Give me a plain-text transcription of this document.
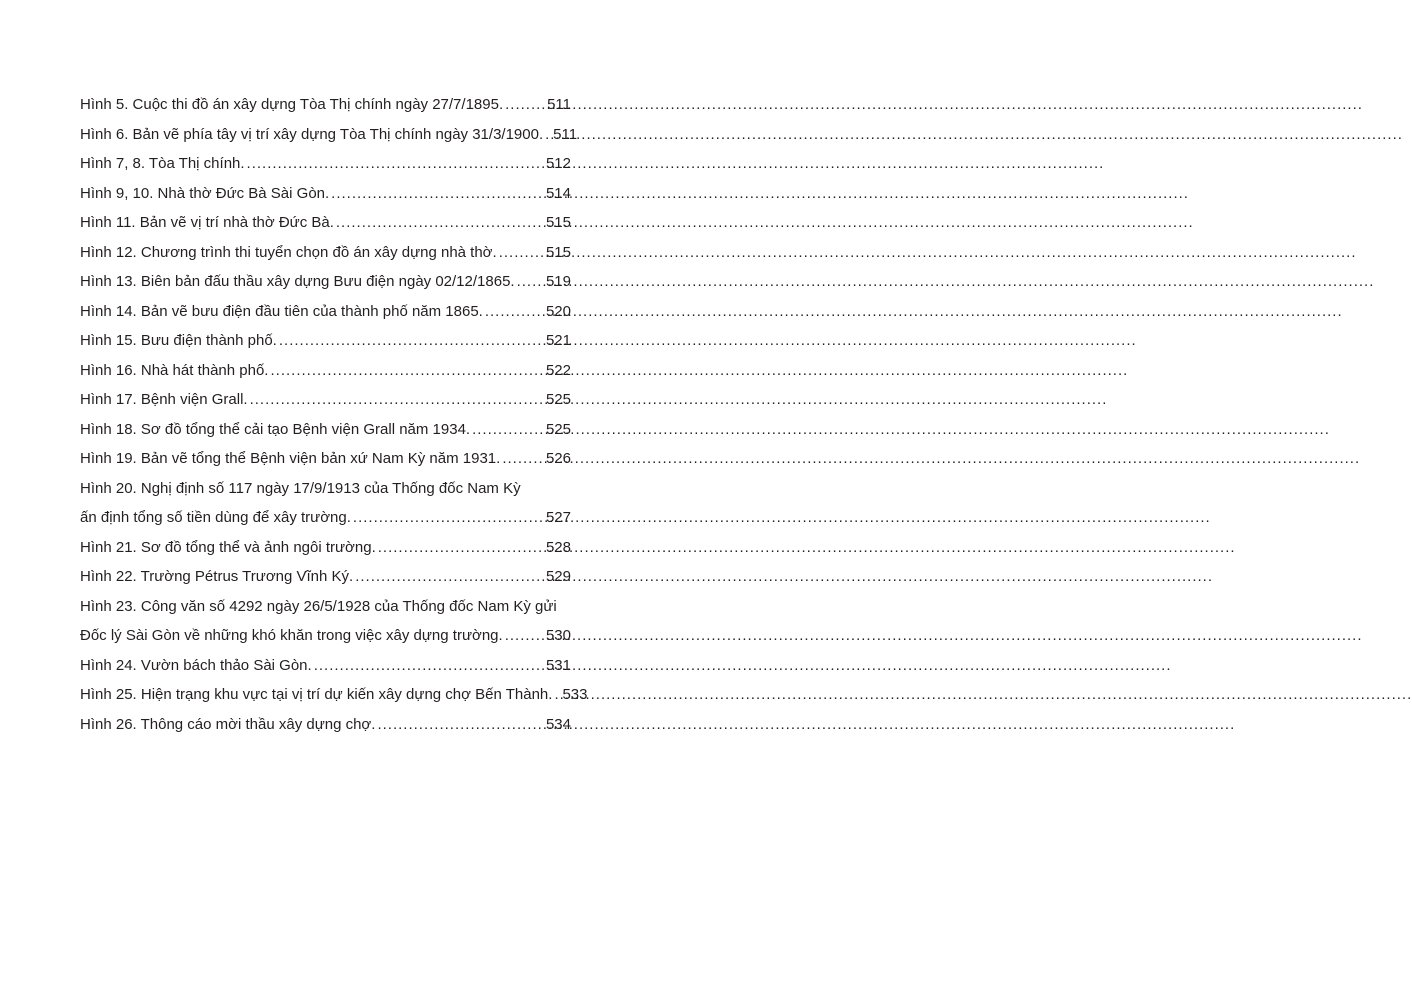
Hình 5. Cuộc thi đồ án xây dựng Tòa Thị chính ngày 27/7/1895. .....	511
Hình 6. Bản vẽ phía tây vị trí xây dựng Tòa Thị chính ngày 31/3/1900. ..... 511
Hình 7, 8. Tòa Thị chính. .....	512
Hình 9, 10. Nhà thờ Đức Bà Sài Gòn. .....	514
Hình 11. Bản vẽ vị trí nhà thờ Đức Bà. .....	515
Hình 12. Chương trình thi tuyển chọn đồ án xây dựng nhà thờ. .....	515
Hình 13. Biên bản đấu thầu xây dựng Bưu điện ngày 02/12/1865. ..... 519
Hình 14. Bản vẽ bưu điện đầu tiên của thành phố năm 1865. .....	520
Hình 15. Bưu điện thành phố. .....	521
Hình 16. Nhà hát thành phố. .....	522
Hình 17. Bệnh viện Grall. .....	525
Hình 18. Sơ đồ tổng thể cải tạo Bệnh viện Grall năm 1934. .....	525
Hình 19. Bản vẽ tổng thể Bệnh viện bản xứ Nam Kỳ năm 1931. .....	526
Hình 20. Nghị định số 117 ngày 17/9/1913 của Thống đốc Nam Kỳ
ấn định tổng số tiền dùng để xây trường. .....	527
Hình 21. Sơ đồ tổng thể và ảnh ngôi trường. .....	528
Hình 22. Trường Pétrus Trương Vĩnh Ký. .....	529
Hình 23. Công văn số 4292 ngày 26/5/1928 của Thống đốc Nam Kỳ gửi
Đốc lý Sài Gòn về những khó khăn trong việc xây dựng trường. .....	530
Hình 24. Vườn bách thảo Sài Gòn. .....	531
Hình 25. Hiện trạng khu vực tại vị trí dự kiến xây dựng chợ Bến Thành. ..... 533
Hình 26. Thông cáo mời thầu xây dựng chợ. .....	534
